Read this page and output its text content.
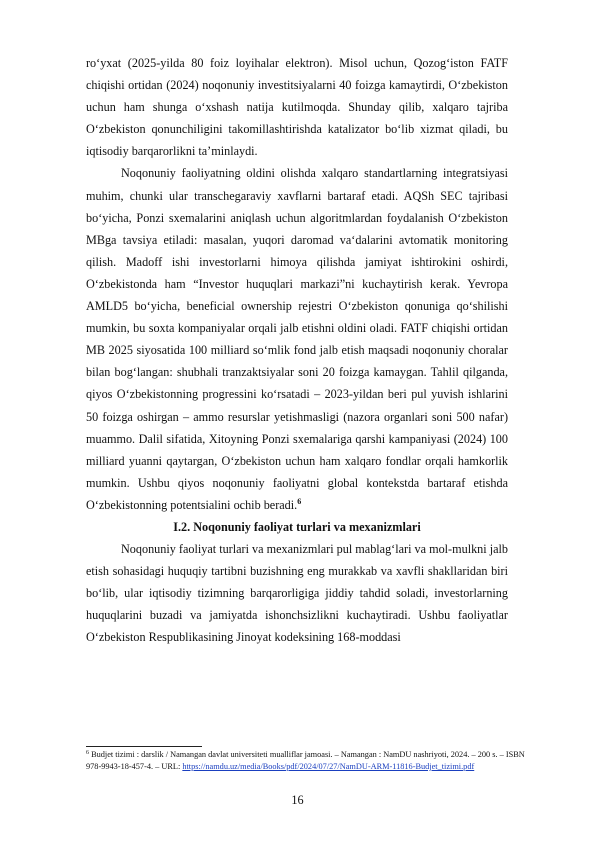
ro‘yxat (2025-yilda 80 foiz loyihalar elektron). Misol uchun, Qozog‘iston FATF chiqishi ortidan (2024) noqonuniy investitsiyalarni 40 foizga kamaytirdi, O‘zbekiston uchun ham shunga o‘xshash natija kutilmoqda. Shunday qilib, xalqaro tajriba O‘zbekiston qonunchiligini takomillashtirishda katalizator bo‘lib xizmat qiladi, bu iqtisodiy barqarorlikni ta’minlaydi.

Noqonuniy faoliyatning oldini olishda xalqaro standartlarning integratsiyasi muhim, chunki ular transchegaraviy xavflarni bartaraf etadi. AQSh SEC tajribasi bo‘yicha, Ponzi sxemalarini aniqlash uchun algoritmlardan foydalanish O‘zbekiston MBga tavsiya etiladi: masalan, yuqori daromad va‘dalarini avtomatik monitoring qilish. Madoff ishi investorlarni himoya qilishda jamiyat ishtirokini oshirdi, O‘zbekistonda ham “Investor huquqlari markazi”ni kuchaytirish kerak. Yevropa AMLD5 bo‘yicha, beneficial ownership rejestri O‘zbekiston qonuniga qo‘shilishi mumkin, bu soxta kompaniyalar orqali jalb etishni oldini oladi. FATF chiqishi ortidan MB 2025 siyosatida 100 milliard so‘mlik fond jalb etish maqsadi noqonuniy choralar bilan bog‘langan: shubhali tranzaktsiyalar soni 20 foizga kamaygan. Tahlil qilganda, qiyos O‘zbekistonning progressini ko‘rsatadi – 2023-yildan beri pul yuvish ishlarini 50 foizga oshirgan – ammo resurslar yetishmasligi (nazora organlari soni 500 nafar) muammo. Dalil sifatida, Xitoyning Ponzi sxemalariga qarshi kampaniyasi (2024) 100 milliard yuanni qaytargan, O‘zbekiston uchun ham xalqaro fondlar orqali hamkorlik mumkin. Ushbu qiyos noqonuniy faoliyatni global kontekstda bartaraf etishda O‘zbekistonning potentsialini ochib beradi.$^6$

I.2. Noqonuniy faoliyat turlari va mexanizmlari

Noqonuniy faoliyat turlari va mexanizmlari pul mablag‘lari va mol-mulkni jalb etish sohasidagi huquqiy tartibni buzishning eng murakkab va xavfli shakllaridan biri bo‘lib, ular iqtisodiy tizimning barqarorligiga jiddiy tahdid soladi, investorlarning huquqlarini buzadi va jamiyatda ishonchsizlikni kuchaytiradi. Ushbu faoliyatlar O‘zbekiston Respublikasining Jinoyat kodeksining 168-moddasi

$^6$ Budjet tizimi : darslik / Namangan davlat universiteti mualliflar jamoasi. – Namangan : NamDU nashriyoti, 2024. – 200 s. – ISBN 978-9943-18-457-4. – URL: https://namdu.uz/media/Books/pdf/2024/07/27/NamDU-ARM-11816-Budjet_tizimi.pdf

16
